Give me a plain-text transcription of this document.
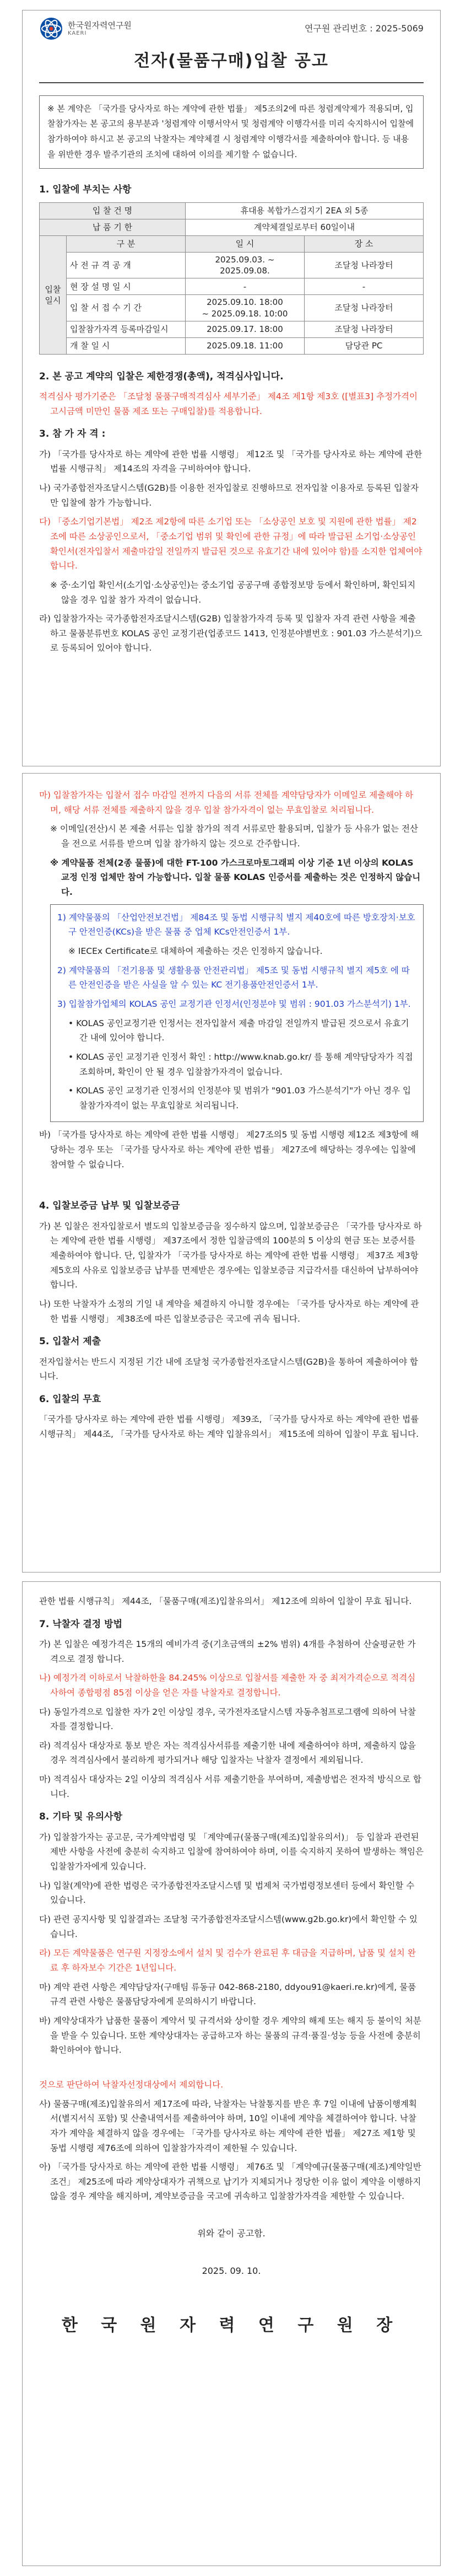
한국원자력연구원
KAERI	연구원 관리번호 : 2025-5069
전자(물품구매)입찰 공고
※ 본 계약은 「국가를 당사자로 하는 계약에 관한 법률」 제5조의2에 따른 청렴계약제가 적용되며, 입찰참가자는 본 공고의 용부분과 '청렴계약 이행서약서 및 청렴계약 이행각서를 미리 숙지하시어 입찰에 참가하여야 하시고 본 공고의 낙찰자는 계약체결 시 청렴계약 이행각서를 제출하여야 합니다. 등 내용을 위반한 경우 발주기관의 조치에 대하여 이의를 제기할 수 없습니다.
1. 입찰에 부치는 사항
입 찰 건 명		휴대용 복합가스검지기 2EA 외 5종	
납 품 기 한		계약체결일로부터 60일이내	
입찰일시	구 분	일 시	장 소
	사 전 규 격 공 개	2025.09.03. ~ 2025.09.08.	조달청 나라장터
	현 장 설 명 일 시	-	-
	입 찰 서 접 수 기 간	2025.09.10. 18:00
~ 2025.09.18. 10:00	조달청 나라장터
	입찰참가자격 등록마감일시	2025.09.17. 18:00	조달청 나라장터
	개 찰 일 시	2025.09.18. 11:00	담당관 PC
2. 본 공고 계약의 입찰은 제한경쟁(총액), 적격심사입니다.
적격심사 평가기준은 「조달청 물품구매적격심사 세부기준」 제4조 제1항 제3호 ([별표3] 추정가격이 고시금액 미만인 물품 제조 또는 구매입찰)를 적용합니다.
3. 참 가 자 격 :
가) 「국가를 당사자로 하는 계약에 관한 법률 시행령」 제12조 및 「국가를 당사자로 하는 계약에 관한 법률 시행규칙」 제14조의 자격을 구비하여야 합니다.
나) 국가종합전자조달시스템(G2B)를 이용한 전자입찰로 진행하므로 전자입찰 이용자로 등록된 입찰자만 입찰에 참가 가능합니다.
다) 「중소기업기본법」 제2조 제2항에 따른 소기업 또는 「소상공인 보호 및 지원에 관한 법률」 제2조에 따른 소상공인으로서, 「중소기업 범위 및 확인에 관한 규정」에 따라 발급된 소기업·소상공인확인서(전자입찰서 제출마감일 전일까지 발급된 것으로 유효기간 내에 있어야 함)를 소지한 업체여야 합니다.
※ 중·소기업 확인서(소기업·소상공인)는 중소기업 공공구매 종합정보망 등에서 확인하며, 확인되지 않을 경우 입찰 참가 자격이 없습니다.
라) 입찰참가자는 국가종합전자조달시스템(G2B) 입찰참가자격 등록 및 입찰자 자격 관련 사항을 제출하고 물품분류번호 KOLAS 공인 교정기관(업종코드 1413, 인정분야별번호 : 901.03 가스분석기)으로 등록되어 있어야 합니다.
마) 입찰참가자는 입찰서 접수 마감일 전까지 다음의 서류 전체를 계약담당자가 이메일로 제출해야 하며, 해당 서류 전체를 제출하지 않을 경우 입찰 참가자격이 없는 무효입찰로 처리됩니다.
※ 이메일(전산)시 본 제출 서류는 입찰 참가의 적격 서류로만 활용되며, 입찰가 등 사유가 없는 전산을 전으로 서류를 받으며 입찰 참가하지 않는 것으로 간주합니다.
※ 계약물품 전체(2종 물품)에 대한 FT-100 가스크로마토그래피 이상 기준 1년 이상의 KOLAS 교정 인정 업체만 참여 가능합니다. 입찰 물품 KOLAS 인증서를 제출하는 것은 인정하지 않습니다.
1) 계약물품의 「산업안전보건법」 제84조 및 동법 시행규칙 별지 제40호에 따른 방호장치·보호구 안전인증(KCs)을 받은 물품 중 업체 KCs안전인증서 1부.
※ IECEx Certificate로 대체하여 제출하는 것은 인정하지 않습니다.
2) 계약물품의 「전기용품 및 생활용품 안전관리법」 제5조 및 동법 시행규칙 별지 제5호 에 따른 안전인증을 받은 사실을 알 수 있는 KC 전기용품안전인증서 1부.
3) 입찰참가업체의 KOLAS 공인 교정기관 인정서(인정분야 및 범위 : 901.03 가스분석기) 1부.
• KOLAS 공인교정기관 인정서는 전자입찰서 제출 마감일 전일까지 발급된 것으로서 유효기간 내에 있어야 합니다.
• KOLAS 공인 교정기관 인정서 확인 : http://www.knab.go.kr/ 를 통해 계약담당자가 직접 조회하며, 확인이 안 될 경우 입찰참가자격이 없습니다.
• KOLAS 공인 교정기관 인정서의 인정분야 및 범위가 "901.03 가스분석기"가 아닌 경우 입찰참가자격이 없는 무효입찰로 처리됩니다.
바) 「국가를 당사자로 하는 계약에 관한 법률 시행령」 제27조의5 및 동법 시행령 제12조 제3항에 해당하는 경우 또는 「국가를 당사자로 하는 계약에 관한 법률」 제27조에 해당하는 경우에는 입찰에 참여할 수 없습니다.
4. 입찰보증금 납부 및 입찰보증금
가) 본 입찰은 전자입찰로서 별도의 입찰보증금을 징수하지 않으며, 입찰보증금은 「국가를 당사자로 하는 계약에 관한 법률 시행령」 제37조에서 정한 입찰금액의 100분의 5 이상의 현금 또는 보증서를 제출하여야 합니다. 단, 입찰자가 「국가를 당사자로 하는 계약에 관한 법률 시행령」 제37조 제3항 제5호의 사유로 입찰보증금 납부를 면제받은 경우에는 입찰보증금 지급각서를 대신하여 납부하여야 합니다.
나) 또한 낙찰자가 소정의 기일 내 계약을 체결하지 아니할 경우에는 「국가를 당사자로 하는 계약에 관한 법률 시행령」 제38조에 따른 입찰보증금은 국고에 귀속 됩니다.
5. 입찰서 제출
전자입찰서는 반드시 지정된 기간 내에 조달청 국가종합전자조달시스템(G2B)을 통하여 제출하여야 합니다.
6. 입찰의 무효
「국가를 당사자로 하는 계약에 관한 법률 시행령」 제39조, 「국가를 당사자로 하는 계약에 관한 법률 시행규칙」 제44조, 「국가를 당사자로 하는 계약 입찰유의서」 제15조에 의하여 입찰이 무효 됩니다.
관한 법률 시행규칙」 제44조, 「물품구매(제조)입찰유의서」 제12조에 의하여 입찰이 무효 됩니다.
7. 낙찰자 결정 방법
가) 본 입찰은 예정가격은 15개의 예비가격 중(기초금액의 ±2% 범위) 4개를 추첨하여 산술평균한 가격으로 결정 합니다.
나) 예정가격 이하로서 낙찰하한율 84.245% 이상으로 입찰서를 제출한 자 중 최저가격순으로 적격심사하여 종합평점 85점 이상을 얻은 자를 낙찰자로 결정합니다.
다) 동일가격으로 입찰한 자가 2인 이상일 경우, 국가전자조달시스템 자동추첨프로그램에 의하여 낙찰자를 결정합니다.
라) 적격심사 대상자로 통보 받은 자는 적격심사서류를 제출기한 내에 제출하여야 하며, 제출하지 않을 경우 적격심사에서 불리하게 평가되거나 해당 입찰자는 낙찰자 결정에서 제외됩니다.
마) 적격심사 대상자는 2일 이상의 적격심사 서류 제출기한을 부여하며, 제출방법은 전자적 방식으로 합니다.
8. 기타 및 유의사항
가) 입찰참가자는 공고문, 국가계약법령 및 「계약예규(물품구매(제조)입찰유의서)」 등 입찰과 관련된 제반 사항을 사전에 충분히 숙지하고 입찰에 참여하여야 하며, 이를 숙지하지 못하여 발생하는 책임은 입찰참가자에게 있습니다.
나) 입찰(계약)에 관한 법령은 국가종합전자조달시스템 및 법제처 국가법령정보센터 등에서 확인할 수 있습니다.
다) 관련 공지사항 및 입찰결과는 조달청 국가종합전자조달시스템(www.g2b.go.kr)에서 확인할 수 있습니다.
라) 모든 계약물품은 연구원 지정장소에서 설치 및 검수가 완료된 후 대금을 지급하며, 납품 및 설치 완료 후 하자보수 기간은 1년입니다.
마) 계약 관련 사항은 계약담당자(구매팀 류동규 042-868-2180, ddyou91@kaeri.re.kr)에게, 물품규격 관련 사항은 물품담당자에게 문의하시기 바랍니다.
바) 계약상대자가 납품한 물품이 계약서 및 규격서와 상이할 경우 계약의 해제 또는 해지 등 불이익 처분을 받을 수 있습니다. 또한 계약상대자는 공급하고자 하는 물품의 규격·품질·성능 등을 사전에 충분히 확인하여야 합니다.
것으로 판단하여 낙찰자선정대상에서 제외합니다.
사) 물품구매(제조)입찰유의서 제17조에 따라, 낙찰자는 낙찰통지를 받은 후 7일 이내에 납품이행계획서(별지서식 포함) 및 산출내역서를 제출하여야 하며, 10일 이내에 계약을 체결하여야 합니다. 낙찰자가 계약을 체결하지 않을 경우에는 「국가를 당사자로 하는 계약에 관한 법률」 제27조 제1항 및 동법 시행령 제76조에 의하여 입찰참가자격이 제한될 수 있습니다.
아) 「국가를 당사자로 하는 계약에 관한 법률 시행령」 제76조 및 「계약예규(물품구매(제조)계약일반조건」 제25조에 따라 계약상대자가 귀책으로 납기가 지체되거나 정당한 이유 없이 계약을 이행하지 않을 경우 계약을 해지하며, 계약보증금을 국고에 귀속하고 입찰참가자격을 제한할 수 있습니다.
위와 같이 공고함.
2025. 09. 10.
한 국 원 자 력 연 구 원 장
